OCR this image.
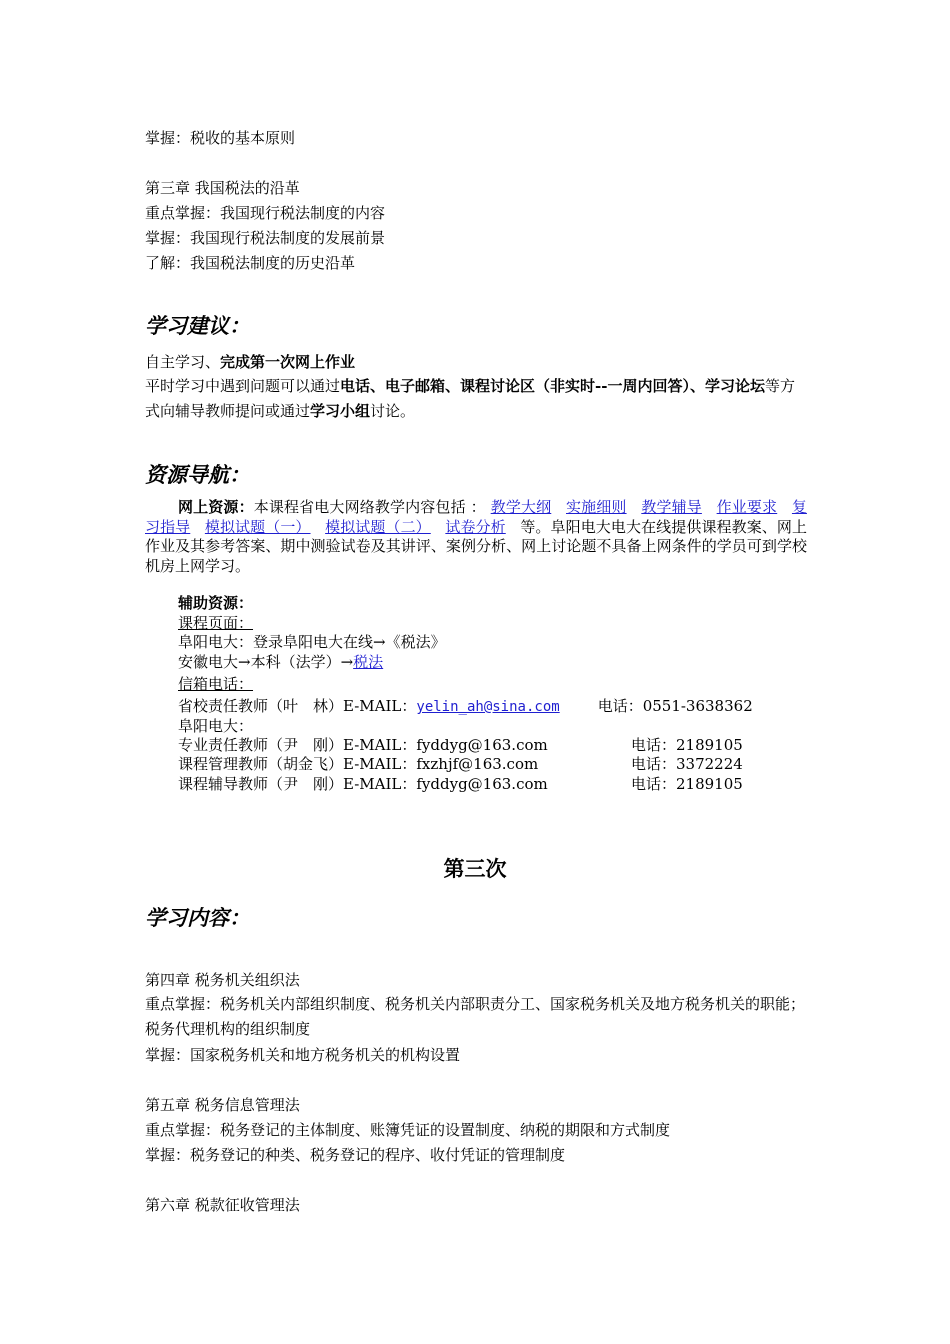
掌握：税收的基本原则
第三章 我国税法的沿革
重点掌握：我国现行税法制度的内容
掌握：我国现行税法制度的发展前景
了解：我国税法制度的历史沿革
学习建议：
自主学习、完成第一次网上作业
平时学习中遇到问题可以通过电话、电子邮箱、课程讨论区（非实时--一周内回答）、学习论坛等方式向辅导教师提问或通过学习小组讨论。
资源导航：
网上资源：本课程省电大网络教学内容包括 ： 教学大纲 实施细则 教学辅导 作业要求 复习指导 模拟试题（一） 模拟试题（二） 试卷分析 等。阜阳电大电大在线提供课程教案、网上作业及其参考答案、期中测验试卷及其讲评、案例分析、网上讨论题不具备上网条件的学员可到学校机房上网学习。
辅助资源：
课程页面：
阜阳电大：登录阜阳电大在线→《税法》
安徽电大→本科（法学）→税法
信箱电话：
省校责任教师（叶　林）E-MAIL：yelin_ah@sina.com	电话：0551-3638362
阜阳电大：
专业责任教师（尹　刚）E-MAIL：fyddyg@163.com	电话：2189105
课程管理教师（胡金飞）E-MAIL：fxzhjf@163.com	电话：3372224
课程辅导教师（尹　刚）E-MAIL：fyddyg@163.com	电话：2189105
第三次
学习内容：
第四章 税务机关组织法
重点掌握：税务机关内部组织制度、税务机关内部职责分工、国家税务机关及地方税务机关的职能；税务代理机构的组织制度
掌握：国家税务机关和地方税务机关的机构设置
第五章 税务信息管理法
重点掌握：税务登记的主体制度、账簿凭证的设置制度、纳税的期限和方式制度
掌握：税务登记的种类、税务登记的程序、收付凭证的管理制度
第六章 税款征收管理法
